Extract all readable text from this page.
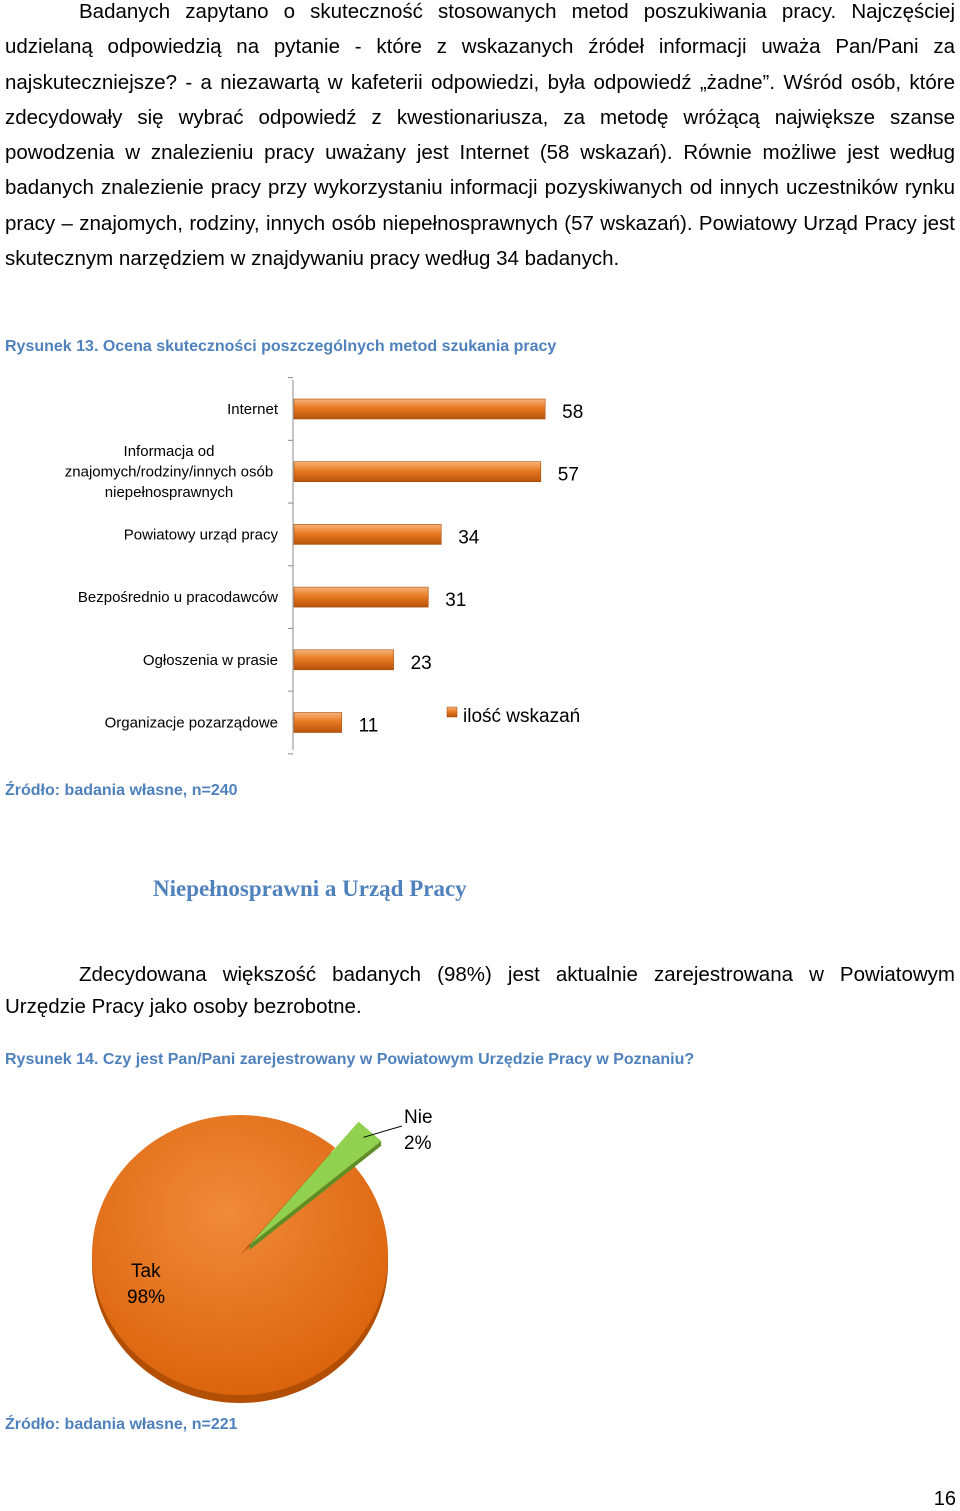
Badanych zapytano o skuteczność stosowanych metod poszukiwania pracy. Najczęściej udzielaną odpowiedzią na pytanie - które z wskazanych źródeł informacji uważa Pan/Pani za najskuteczniejsze? - a niezawartą w kafeterii odpowiedzi, była odpowiedź „żadne”. Wśród osób, które zdecydowały się wybrać odpowiedź z kwestionariusza, za metodę wróżącą największe szanse powodzenia w znalezieniu pracy uważany jest Internet (58 wskazań). Równie możliwe jest według badanych znalezienie pracy przy wykorzystaniu informacji pozyskiwanych od innych uczestników rynku pracy – znajomych, rodziny, innych osób niepełnosprawnych (57 wskazań). Powiatowy Urząd Pracy jest skutecznym narzędziem w znajdywaniu pracy według 34 badanych.

Rysunek 13. Ocena skuteczności poszczególnych metod szukania pracy

Internet
Informacja od znajomych/rodziny/innych osób niepełnosprawnych
Powiatowy urząd pracy
Bezpośrednio u pracodawców
Ogłoszenia w prasie
Organizacje pozarządowe
58
57
34
31
23
11	ilość wskazań

Źródło: badania własne, n=240

Niepełnosprawni a Urząd Pracy

Zdecydowana większość badanych (98%) jest aktualnie zarejestrowana w Powiatowym Urzędzie Pracy jako osoby bezrobotne.

Rysunek 14. Czy jest Pan/Pani zarejestrowany w Powiatowym Urzędzie Pracy w Poznaniu?

Nie
2%
Tak
98%

Źródło: badania własne, n=221

16
